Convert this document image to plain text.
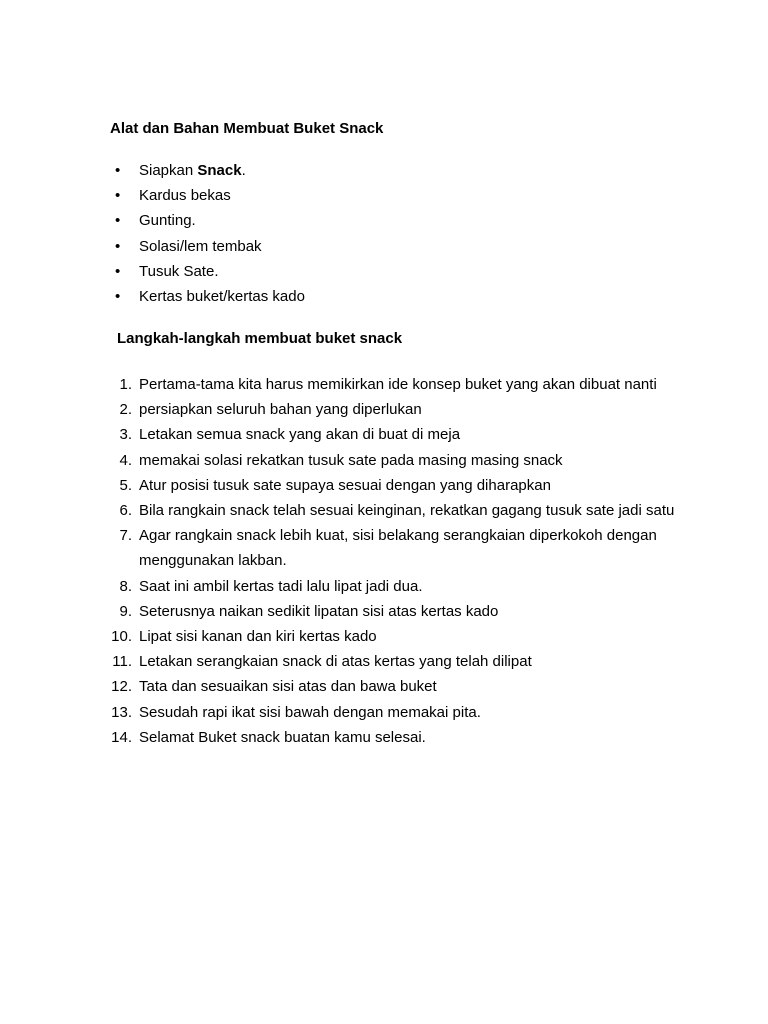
Alat dan Bahan Membuat Buket Snack
• Siapkan Snack.
• Kardus bekas
• Gunting.
• Solasi/lem tembak
• Tusuk Sate.
• Kertas buket/kertas kado
Langkah-langkah membuat buket snack
1. Pertama-tama kita harus memikirkan ide konsep buket yang akan dibuat nanti
2. persiapkan seluruh bahan yang diperlukan
3. Letakan semua snack yang akan di buat di meja
4. memakai solasi rekatkan tusuk sate pada masing masing snack
5. Atur posisi tusuk sate supaya sesuai dengan yang diharapkan
6. Bila rangkain snack telah sesuai keinginan, rekatkan gagang tusuk sate jadi satu
7. Agar rangkain snack lebih kuat, sisi belakang serangkaian diperkokoh dengan menggunakan lakban.
8. Saat ini ambil kertas tadi lalu lipat jadi dua.
9. Seterusnya naikan sedikit lipatan sisi atas kertas kado
10. Lipat sisi kanan dan kiri kertas kado
11. Letakan serangkaian snack di atas kertas yang telah dilipat
12. Tata dan sesuaikan sisi atas dan bawa buket
13. Sesudah rapi ikat sisi bawah dengan memakai pita.
14. Selamat Buket snack buatan kamu selesai.
